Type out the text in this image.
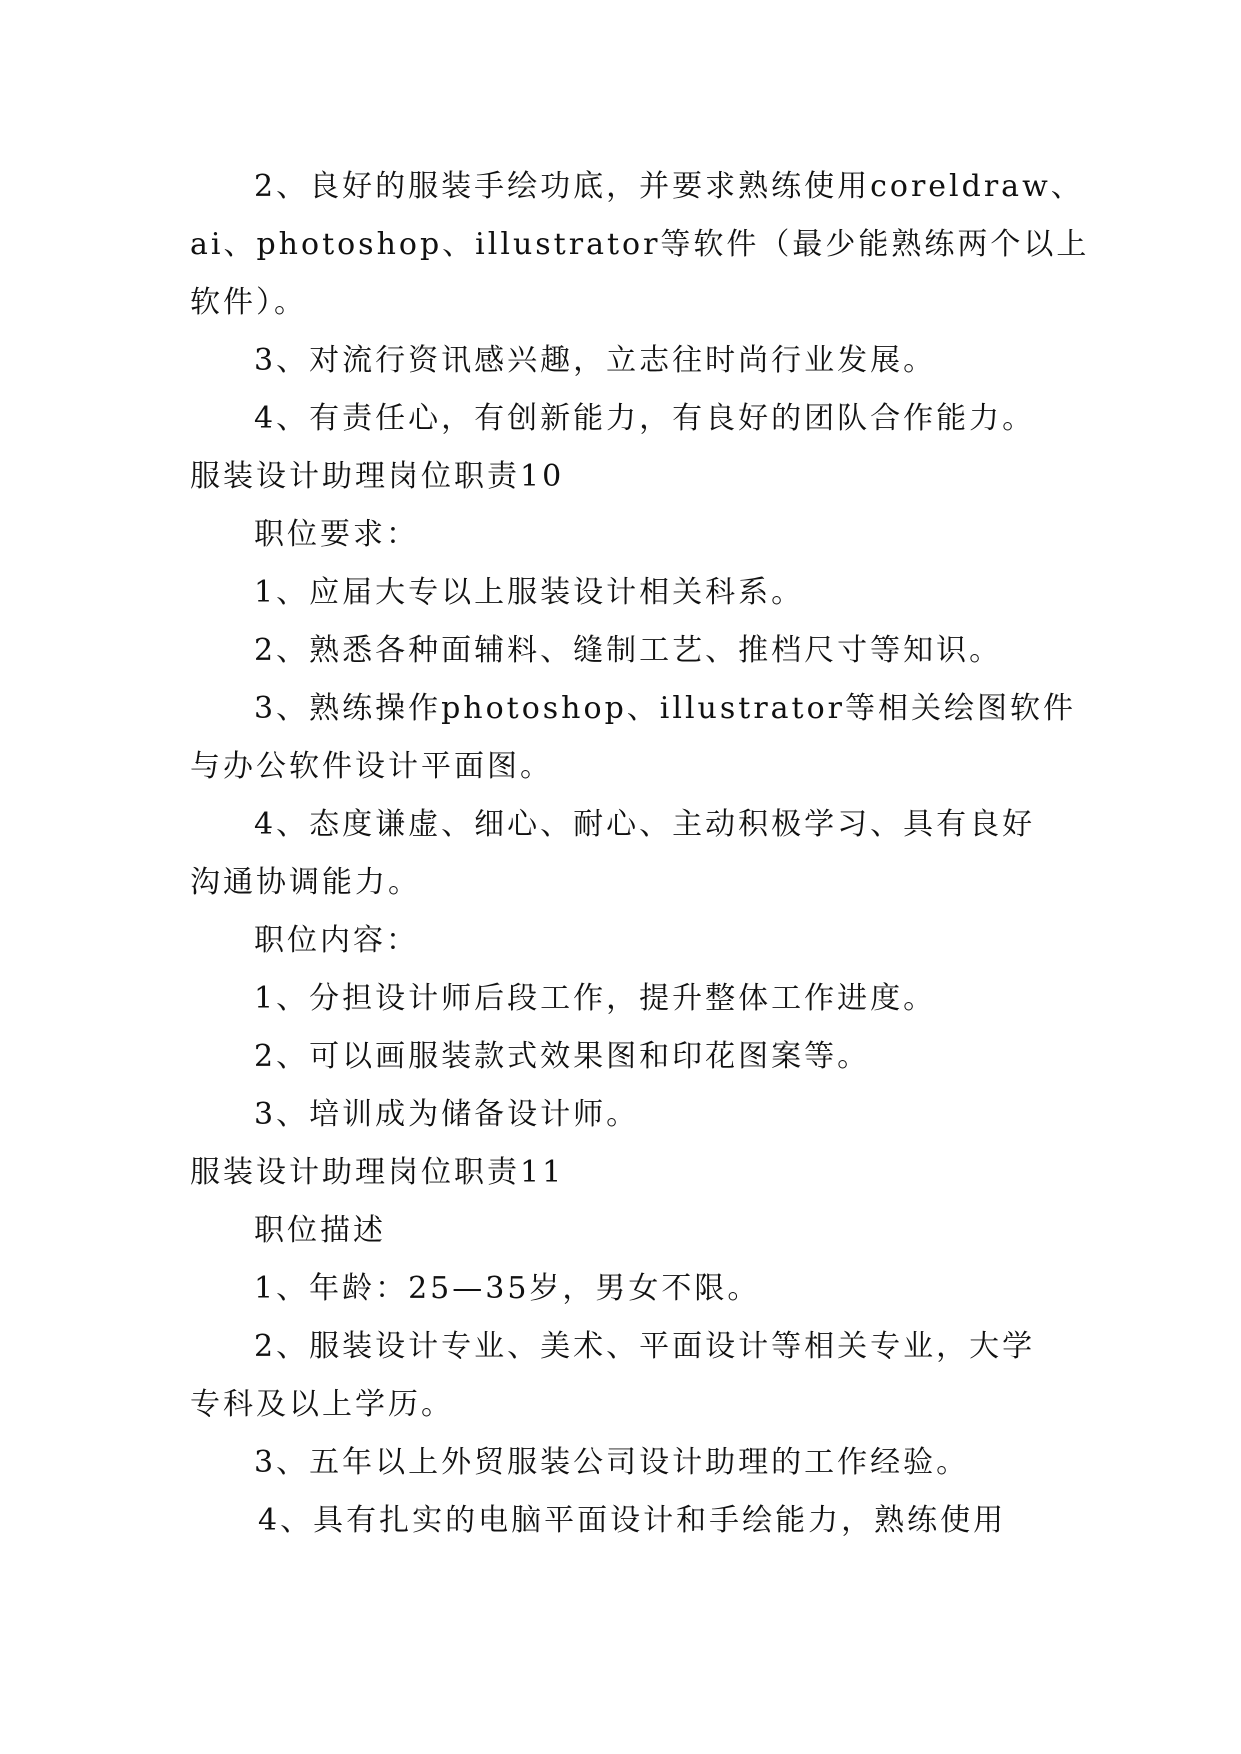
2、良好的服装手绘功底，并要求熟练使用coreldraw、
ai、photoshop、illustrator等软件（最少能熟练两个以上
软件）。
3、对流行资讯感兴趣，立志往时尚行业发展。
4、有责任心，有创新能力，有良好的团队合作能力。
服装设计助理岗位职责10
职位要求：
1、应届大专以上服装设计相关科系。
2、熟悉各种面辅料、缝制工艺、推档尺寸等知识。
3、熟练操作photoshop、illustrator等相关绘图软件
与办公软件设计平面图。
4、态度谦虚、细心、耐心、主动积极学习、具有良好
沟通协调能力。
职位内容：
1、分担设计师后段工作，提升整体工作进度。
2、可以画服装款式效果图和印花图案等。
3、培训成为储备设计师。
服装设计助理岗位职责11
职位描述
1、年龄：25—35岁，男女不限。
2、服装设计专业、美术、平面设计等相关专业，大学
专科及以上学历。
3、五年以上外贸服装公司设计助理的工作经验。
4、具有扎实的电脑平面设计和手绘能力，熟练使用
